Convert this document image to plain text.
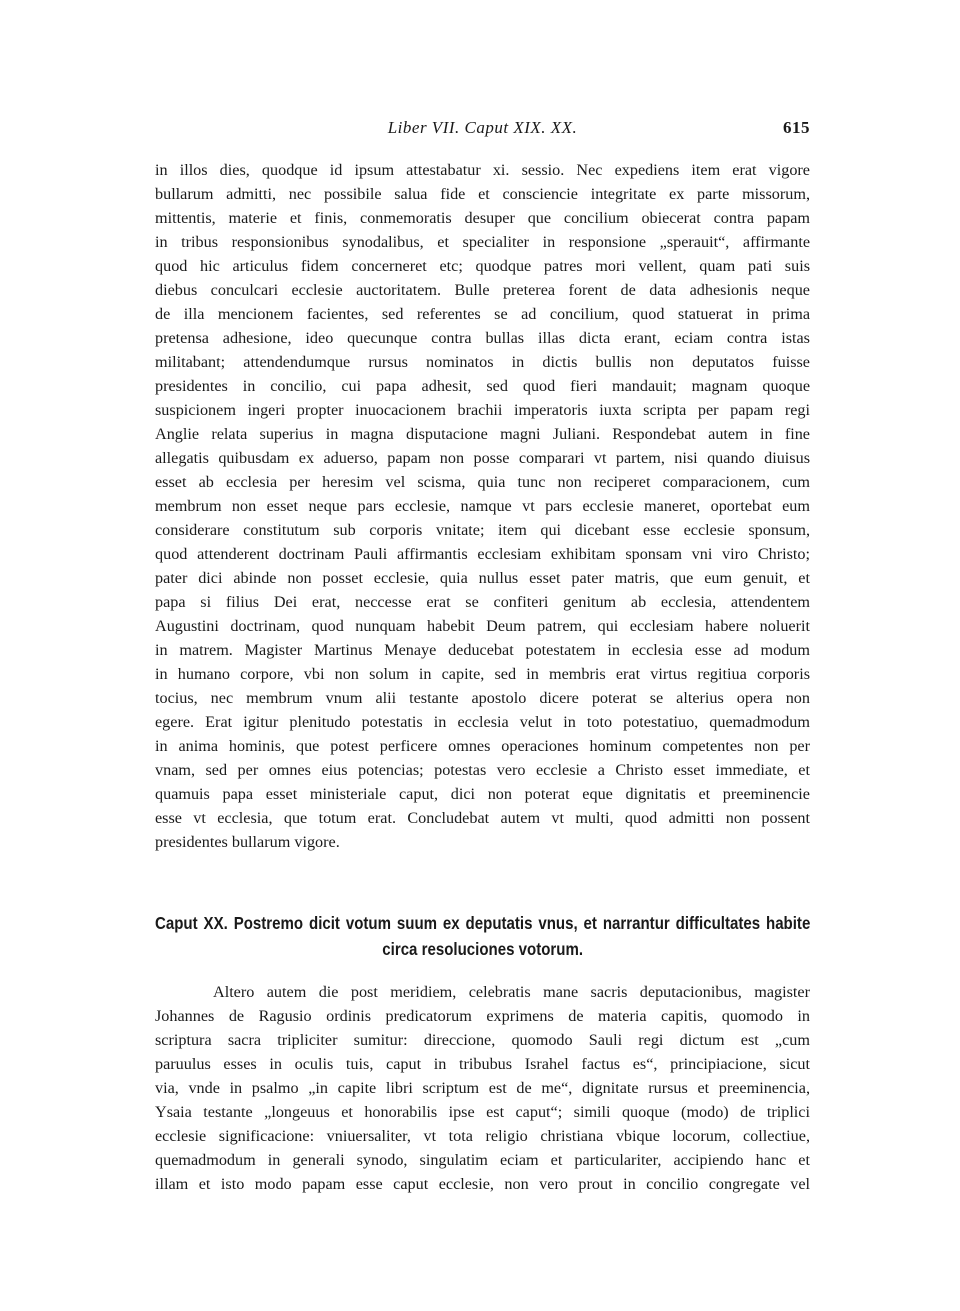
Liber VII. Caput XIX. XX.	615
in illos dies, quodque id ipsum attestabatur xi. sessio. Nec expediens item erat vigore
bullarum admitti, nec possibile salua fide et consciencie integritate ex parte missorum,
mittentis, materie et finis, conmemoratis desuper que concilium obiecerat contra papam
in tribus responsionibus synodalibus, et specialiter in responsione „sperauit“, affirmante
quod hic articulus fidem concerneret etc; quodque patres mori vellent, quam pati suis
diebus conculcari ecclesie auctoritatem. Bulle preterea forent de data adhesionis neque
de illa mencionem facientes, sed referentes se ad concilium, quod statuerat in prima
pretensa adhesione, ideo quecunque contra bullas illas dicta erant, eciam contra istas
militabant; attendendumque rursus nominatos in dictis bullis non deputatos fuisse
presidentes in concilio, cui papa adhesit, sed quod fieri mandauit; magnam quoque
suspicionem ingeri propter inuocacionem brachii imperatoris iuxta scripta per papam regi
Anglie relata superius in magna disputacione magni Juliani. Respondebat autem in fine
allegatis quibusdam ex aduerso, papam non posse comparari vt partem, nisi quando diuisus
esset ab ecclesia per heresim vel scisma, quia tunc non reciperet comparacionem, cum
membrum non esset neque pars ecclesie, namque vt pars ecclesie maneret, oportebat eum
considerare constitutum sub corporis vnitate; item qui dicebant esse ecclesie sponsum,
quod attenderent doctrinam Pauli affirmantis ecclesiam exhibitam sponsam vni viro Christo;
pater dici abinde non posset ecclesie, quia nullus esset pater matris, que eum genuit, et
papa si filius Dei erat, neccesse erat se confiteri genitum ab ecclesia, attendentem
Augustini doctrinam, quod nunquam habebit Deum patrem, qui ecclesiam habere noluerit
in matrem. Magister Martinus Menaye deducebat potestatem in ecclesia esse ad modum
in humano corpore, vbi non solum in capite, sed in membris erat virtus regitiua corporis
tocius, nec membrum vnum alii testante apostolo dicere poterat se alterius opera non
egere. Erat igitur plenitudo potestatis in ecclesia velut in toto potestatiuo, quemadmodum
in anima hominis, que potest perficere omnes operaciones hominum competentes non per
vnam, sed per omnes eius potencias; potestas vero ecclesie a Christo esset immediate, et
quamuis papa esset ministeriale caput, dici non poterat eque dignitatis et preeminencie
esse vt ecclesia, que totum erat. Concludebat autem vt multi, quod admitti non possent
presidentes bullarum vigore.
Caput XX. Postremo dicit votum suum ex deputatis vnus, et narrantur difficultates habite
circa resoluciones votorum.
Altero autem die post meridiem, celebratis mane sacris deputacionibus, magister
Johannes de Ragusio ordinis predicatorum exprimens de materia capitis, quomodo in
scriptura sacra tripliciter sumitur: direccione, quomodo Sauli regi dictum est „cum
paruulus esses in oculis tuis, caput in tribubus Israhel factus es“, principiacione, sicut
via, vnde in psalmo „in capite libri scriptum est de me“, dignitate rursus et preeminencia,
Ysaia testante „longeuus et honorabilis ipse est caput“; simili quoque (modo) de triplici
ecclesie significacione: vniuersaliter, vt tota religio christiana vbique locorum, collectiue,
quemadmodum in generali synodo, singulatim eciam et particulariter, accipiendo hanc et
illam et isto modo papam esse caput ecclesie, non vero prout in concilio congregate vel
